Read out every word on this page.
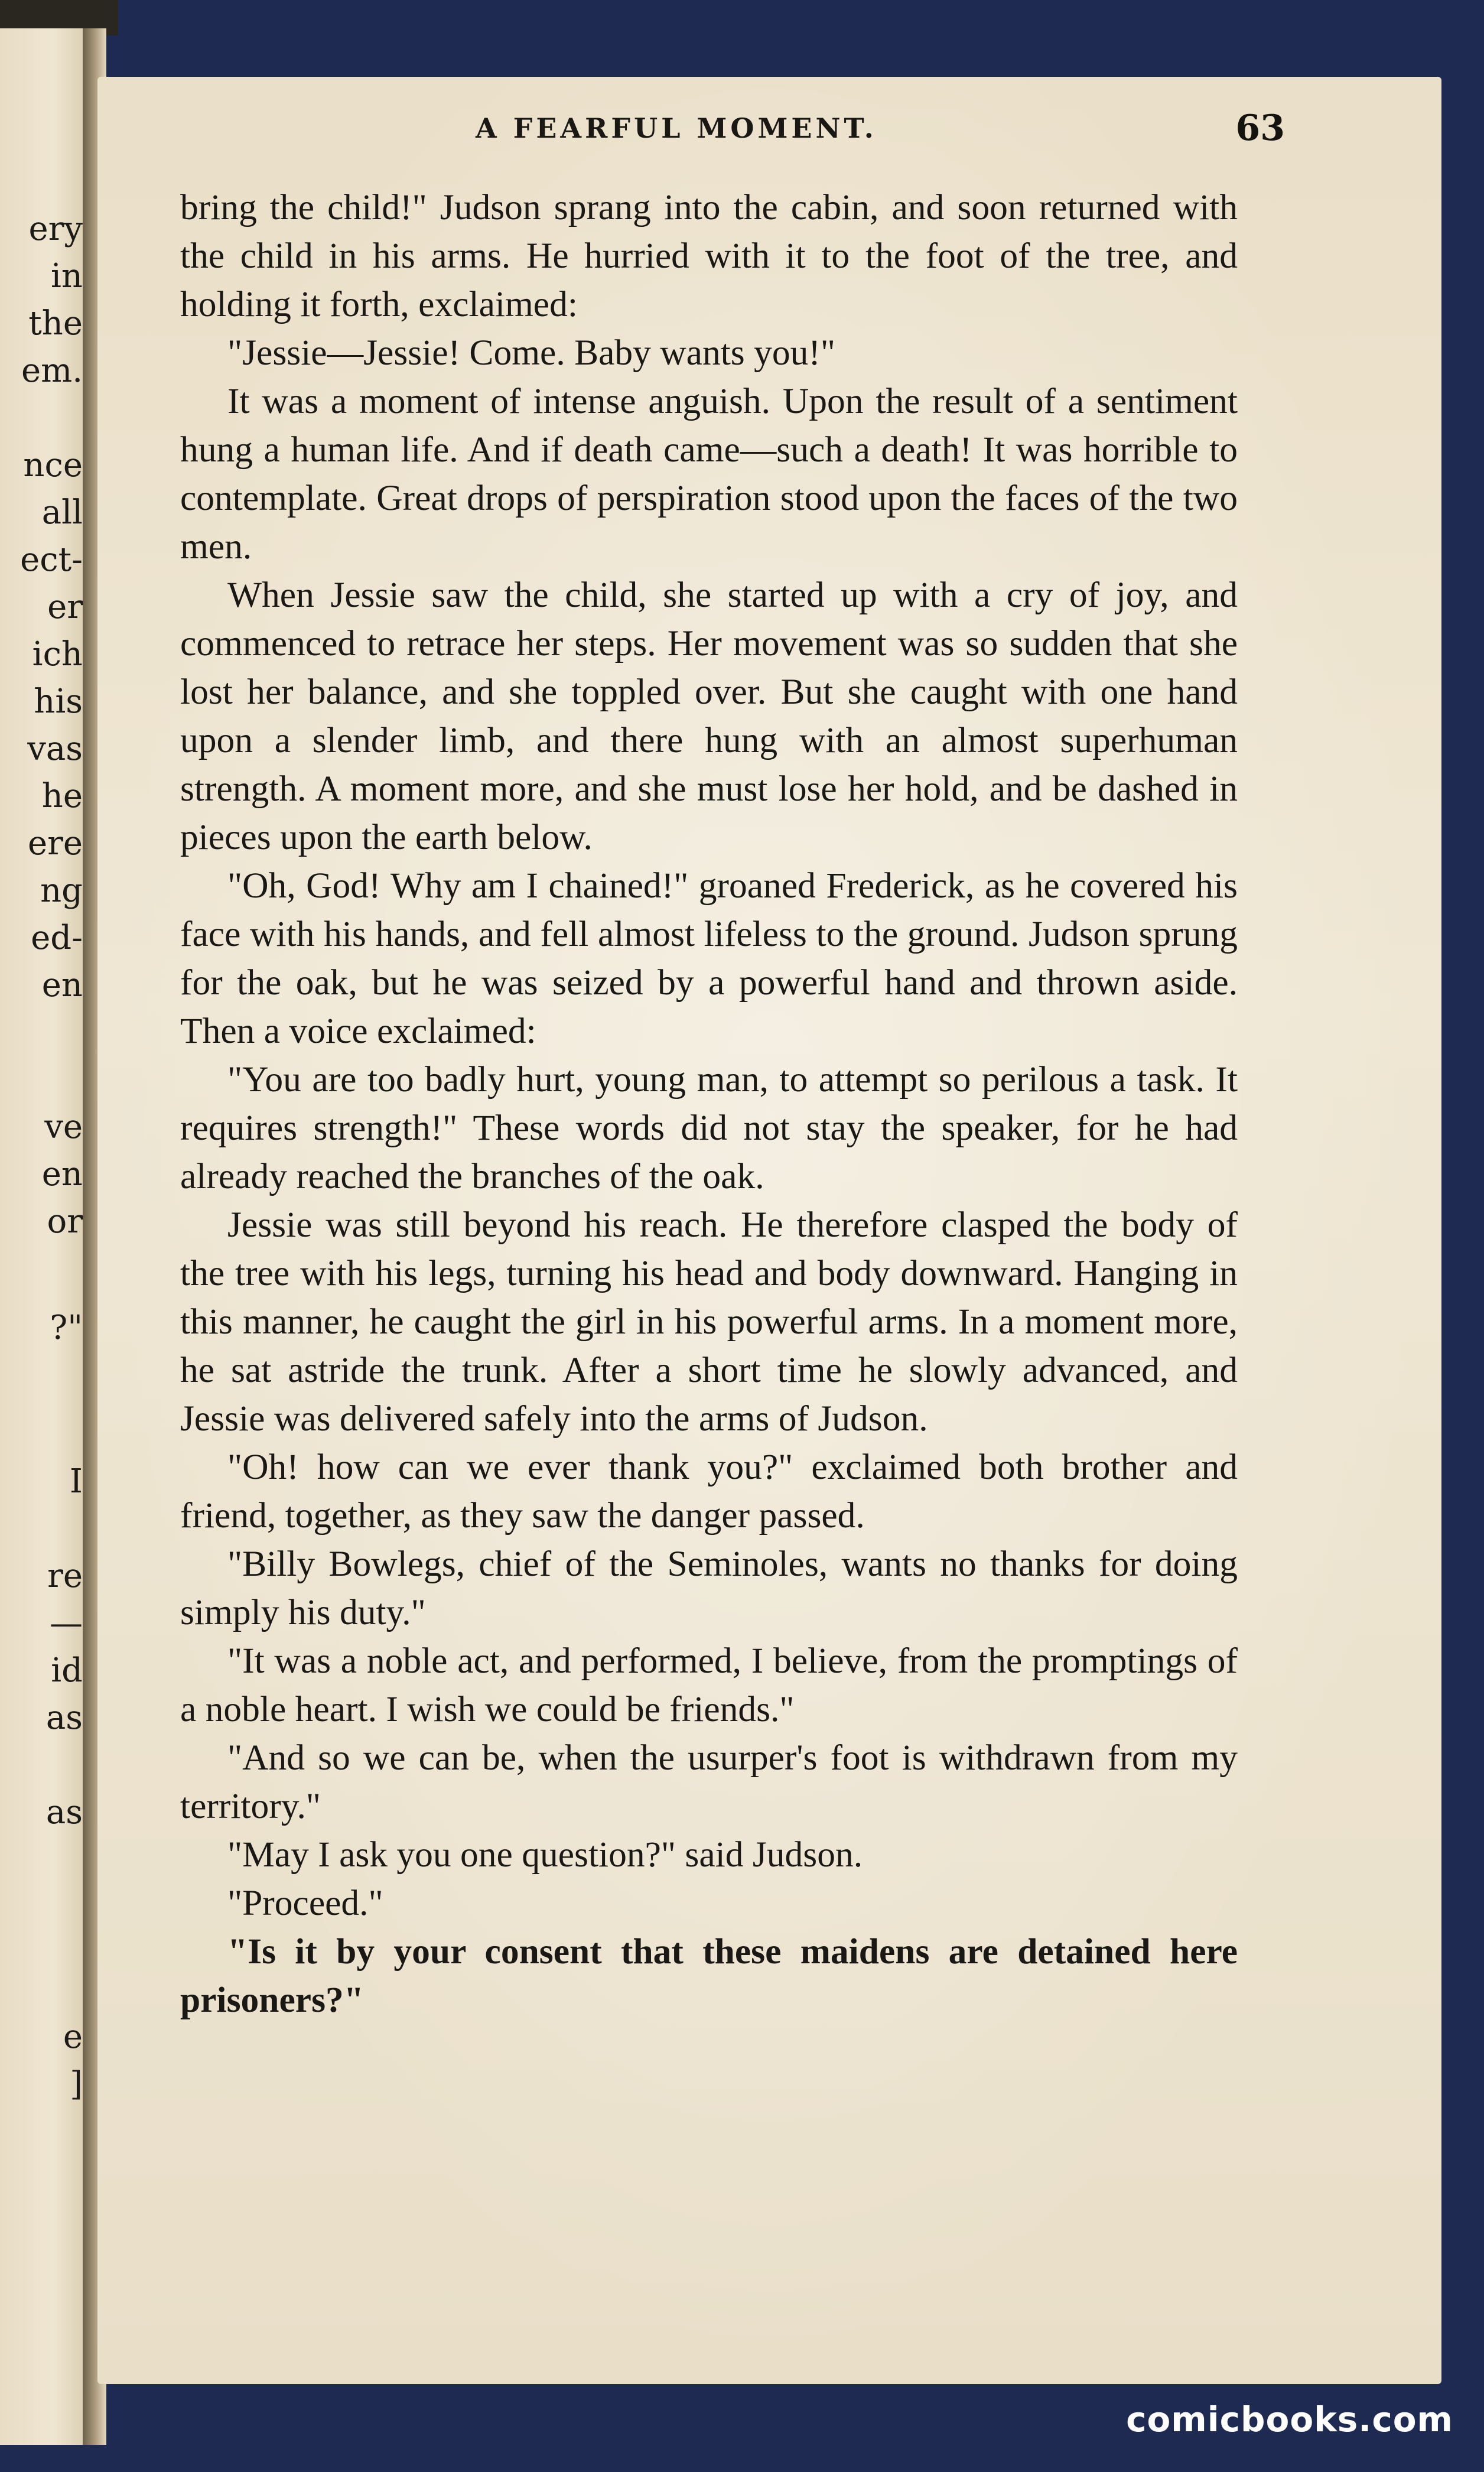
ery
in
the
em.
nce
all
ect-
er
ich
his
vas
he
ere
ng
ed-
en
ve
en
or
?"
I
re
—
id
as
as
e
]
A FEARFUL MOMENT.	63

bring the child!" Judson sprang into the cabin, and soon returned with the child in his arms. He hurried with it to the foot of the tree, and holding it forth, exclaimed:

"Jessie—Jessie! Come. Baby wants you!"

It was a moment of intense anguish. Upon the result of a sentiment hung a human life. And if death came—such a death! It was horrible to contemplate. Great drops of perspiration stood upon the faces of the two men.

When Jessie saw the child, she started up with a cry of joy, and commenced to retrace her steps. Her movement was so sudden that she lost her balance, and she toppled over. But she caught with one hand upon a slender limb, and there hung with an almost superhuman strength. A moment more, and she must lose her hold, and be dashed in pieces upon the earth below.

"Oh, God! Why am I chained!" groaned Frederick, as he covered his face with his hands, and fell almost lifeless to the ground. Judson sprung for the oak, but he was seized by a powerful hand and thrown aside. Then a voice exclaimed:

"You are too badly hurt, young man, to attempt so perilous a task. It requires strength!" These words did not stay the speaker, for he had already reached the branches of the oak.

Jessie was still beyond his reach. He therefore clasped the body of the tree with his legs, turning his head and body downward. Hanging in this manner, he caught the girl in his powerful arms. In a moment more, he sat astride the trunk. After a short time he slowly advanced, and Jessie was delivered safely into the arms of Judson.

"Oh! how can we ever thank you?" exclaimed both brother and friend, together, as they saw the danger passed.

"Billy Bowlegs, chief of the Seminoles, wants no thanks for doing simply his duty."

"It was a noble act, and performed, I believe, from the promptings of a noble heart. I wish we could be friends."

"And so we can be, when the usurper's foot is withdrawn from my territory."

"May I ask you one question?" said Judson.

"Proceed."

"Is it by your consent that these maidens are detained here prisoners?"

comicbooks.com
